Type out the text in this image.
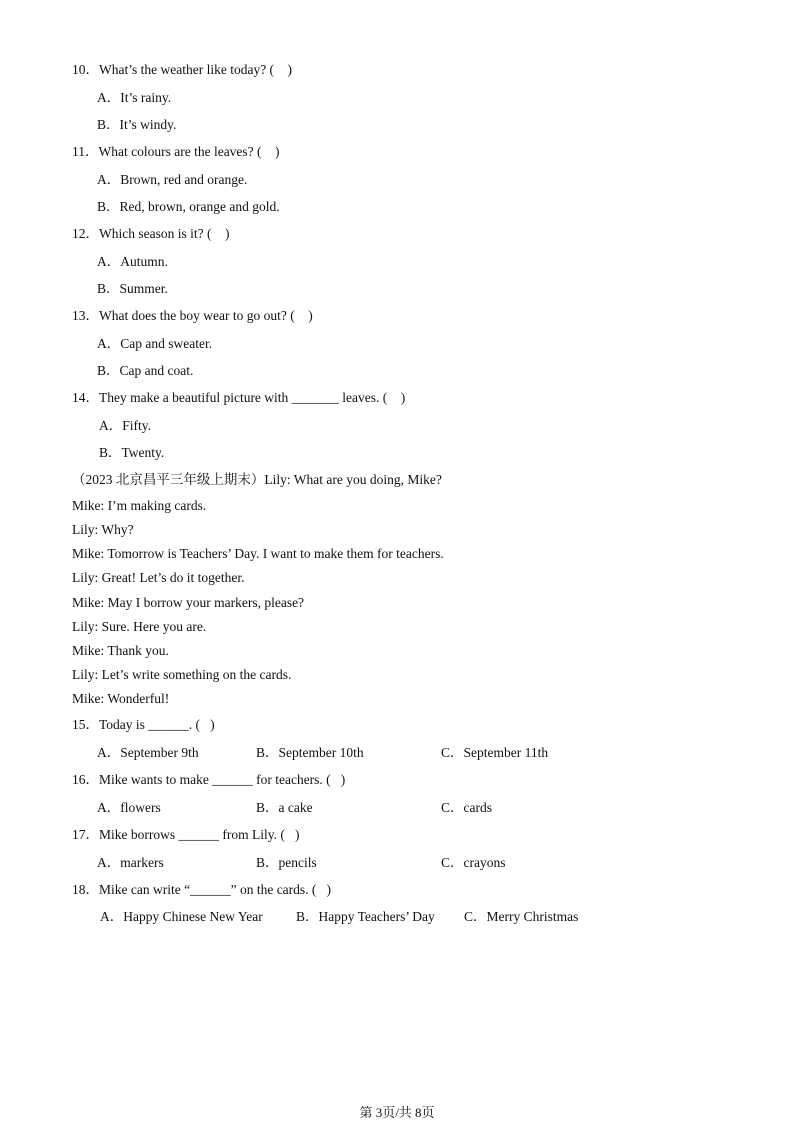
10．What’s the weather like today? (    )
A．It’s rainy.
B．It’s windy.
11．What colours are the leaves? (    )
A．Brown, red and orange.
B．Red, brown, orange and gold.
12．Which season is it? (    )
A．Autumn.
B．Summer.
13．What does the boy wear to go out? (    )
A．Cap and sweater.
B．Cap and coat.
14．They make a beautiful picture with _______ leaves. (    )
A．Fifty.
B．Twenty.
（2023 北京昌平三年级上期末）Lily: What are you doing, Mike?
Mike: I’m making cards.
Lily: Why?
Mike: Tomorrow is Teachers’ Day. I want to make them for teachers.
Lily: Great! Let’s do it together.
Mike: May I borrow your markers, please?
Lily: Sure. Here you are.
Mike: Thank you.
Lily: Let’s write something on the cards.
Mike: Wonderful!
15．Today is ______. (   )
A．September 9th	B．September 10th	C．September 11th
16．Mike wants to make ______ for teachers. (   )
A．flowers	B．a cake	C．cards
17．Mike borrows ______ from Lily. (   )
A．markers	B．pencils	C．crayons
18．Mike can write “______” on the cards. (   )
A．Happy Chinese New Year B．Happy Teachers’ Day C．Merry Christmas
第 3页/共 8页
